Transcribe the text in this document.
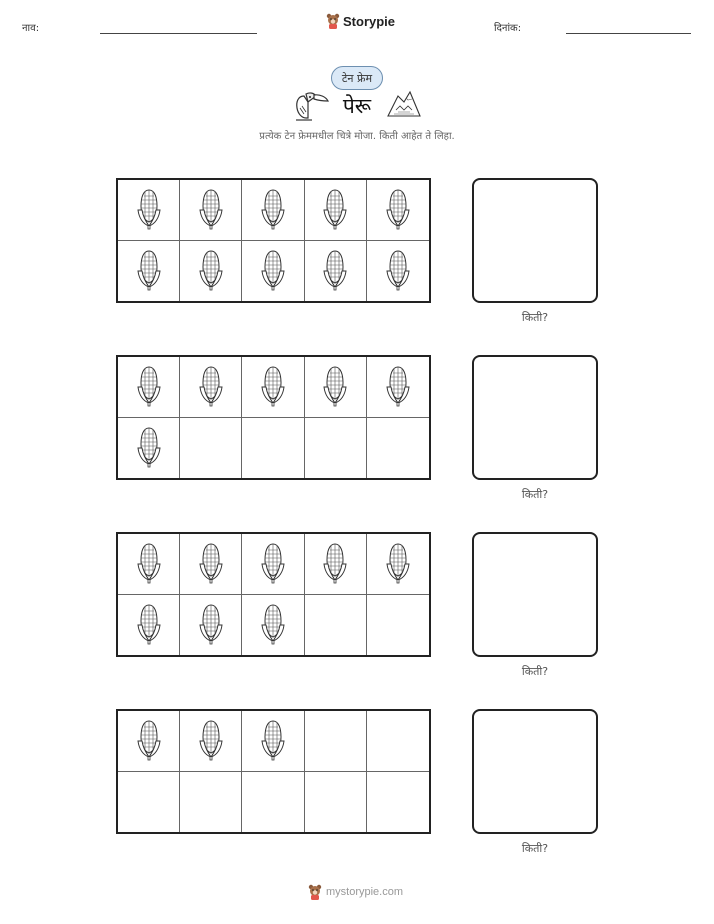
नाव:	Storypie	दिनांक:
टेन फ्रेम
पेरू
प्रत्येक टेन फ्रेममधील चित्रे मोजा. किती आहेत ते लिहा.
किती?
किती?
किती?
किती?
mystorypie.com
